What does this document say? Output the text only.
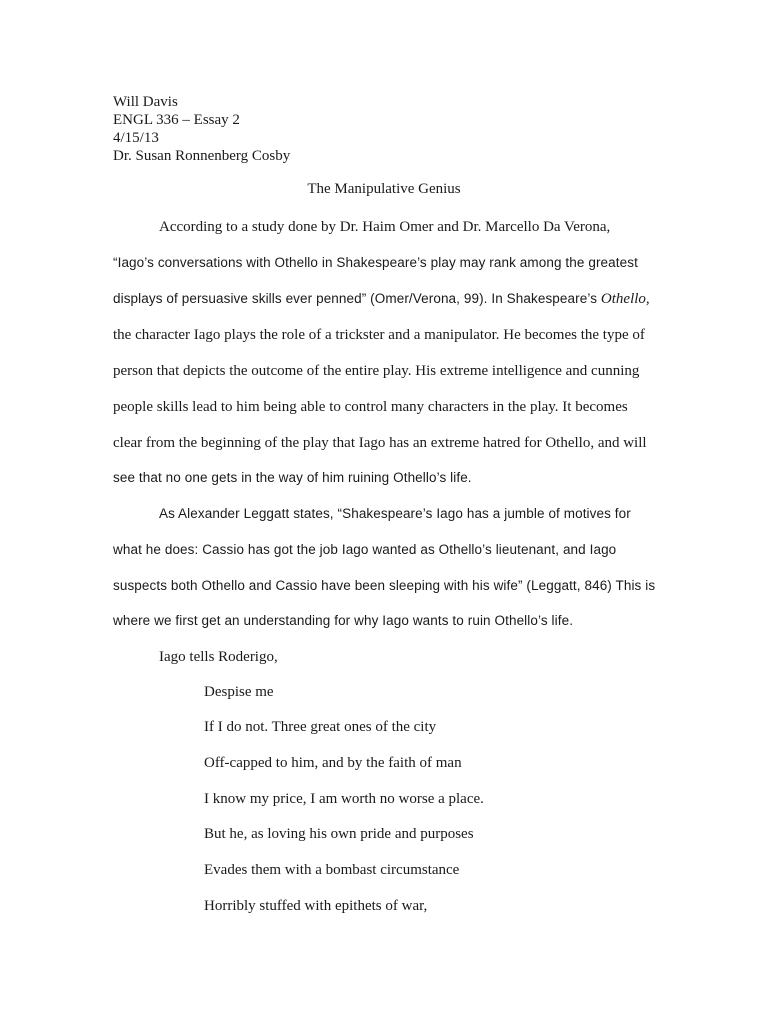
Will Davis
ENGL 336 – Essay 2
4/15/13
Dr. Susan Ronnenberg Cosby
The Manipulative Genius
According to a study done by Dr. Haim Omer and Dr. Marcello Da Verona,
“Iago’s conversations with Othello in Shakespeare’s play may rank among the greatest
displays of persuasive skills ever penned” (Omer/Verona, 99). In Shakespeare’s Othello,
the character Iago plays the role of a trickster and a manipulator. He becomes the type of
person that depicts the outcome of the entire play. His extreme intelligence and cunning
people skills lead to him being able to control many characters in the play. It becomes
clear from the beginning of the play that Iago has an extreme hatred for Othello, and will
see that no one gets in the way of him ruining Othello’s life.
As Alexander Leggatt states, “Shakespeare’s Iago has a jumble of motives for
what he does: Cassio has got the job Iago wanted as Othello’s lieutenant, and Iago
suspects both Othello and Cassio have been sleeping with his wife” (Leggatt, 846) This is
where we first get an understanding for why Iago wants to ruin Othello’s life.
Iago tells Roderigo,
Despise me
If I do not. Three great ones of the city
Off-capped to him, and by the faith of man
I know my price, I am worth no worse a place.
But he, as loving his own pride and purposes
Evades them with a bombast circumstance
Horribly stuffed with epithets of war,
